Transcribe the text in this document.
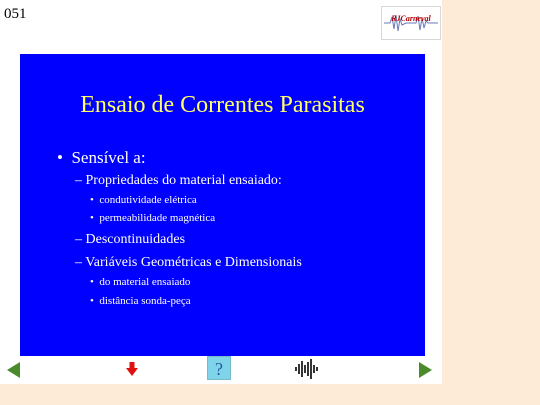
051	RJCarneval
Ensaio de Correntes Parasitas
• Sensível a:
– Propriedades do material ensaiado:
• condutividade elétrica
• permeabilidade magnética
– Descontinuidades
– Variáveis Geométricas e Dimensionais
• do material ensaiado
• distância sonda-peça
?
